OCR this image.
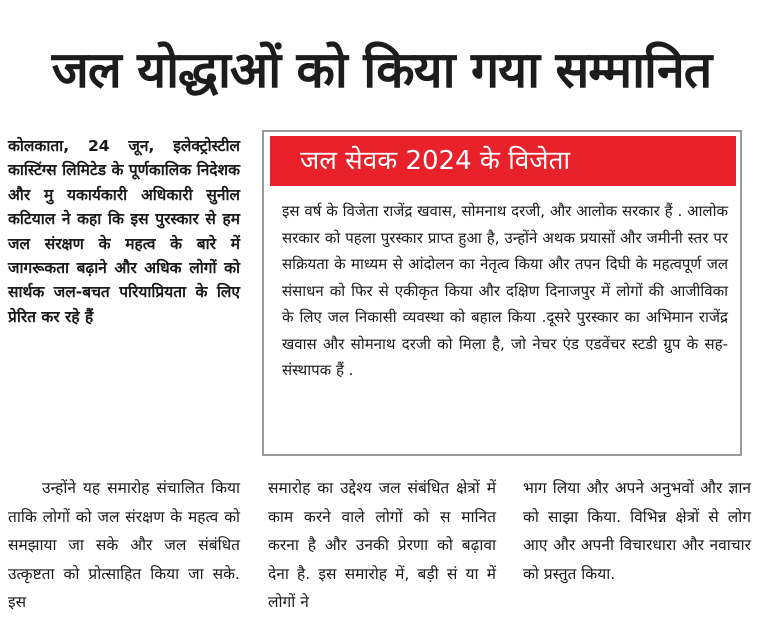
जल योद्धाओं को किया गया सम्मानित
कोलकाता, 24 जून, इलेक्ट्रोस्टील कास्टिंग्स लिमिटेड के पूर्णकालिक निदेशक और मु यकार्यकारी अधिकारी सुनील कटियाल ने कहा कि इस पुरस्कार से हम जल संरक्षण के महत्व के बारे में जागरूकता बढ़ाने और अधिक लोगों को सार्थक जल-बचत परियाप्रियता के लिए प्रेरित कर रहे हैं
जल सेवक 2024 के विजेता
इस वर्ष के विजेता राजेंद्र खवास, सोमनाथ दरजी, और आलोक सरकार हैं . आलोक सरकार को पहला पुरस्कार प्राप्त हुआ है, उन्होंने अथक प्रयासों और जमीनी स्तर पर सक्रियता के माध्यम से आंदोलन का नेतृत्व किया और तपन दिघी के महत्वपूर्ण जल संसाधन को फिर से एकीकृत किया और दक्षिण दिनाजपुर में लोगों की आजीविका के लिए जल निकासी व्यवस्था को बहाल किया .दूसरे पुरस्कार का अभिमान राजेंद्र खवास और सोमनाथ दरजी को मिला है, जो नेचर एंड एडवेंचर स्टडी ग्रुप के सह-संस्थापक हैं .
उन्होंने यह समारोह संचालित किया ताकि लोगों को जल संरक्षण के महत्व को समझाया जा सके और जल संबंधित उत्कृष्टता को प्रोत्साहित किया जा सके. इस
समारोह का उद्देश्य जल संबंधित क्षेत्रों में काम करने वाले लोगों को स मानित करना है और उनकी प्रेरणा को बढ़ावा देना है. इस समारोह में, बड़ी सं या में लोगों ने
भाग लिया और अपने अनुभवों और ज्ञान को साझा किया. विभिन्न क्षेत्रों से लोग आए और अपनी विचारधारा और नवाचार को प्रस्तुत किया.
